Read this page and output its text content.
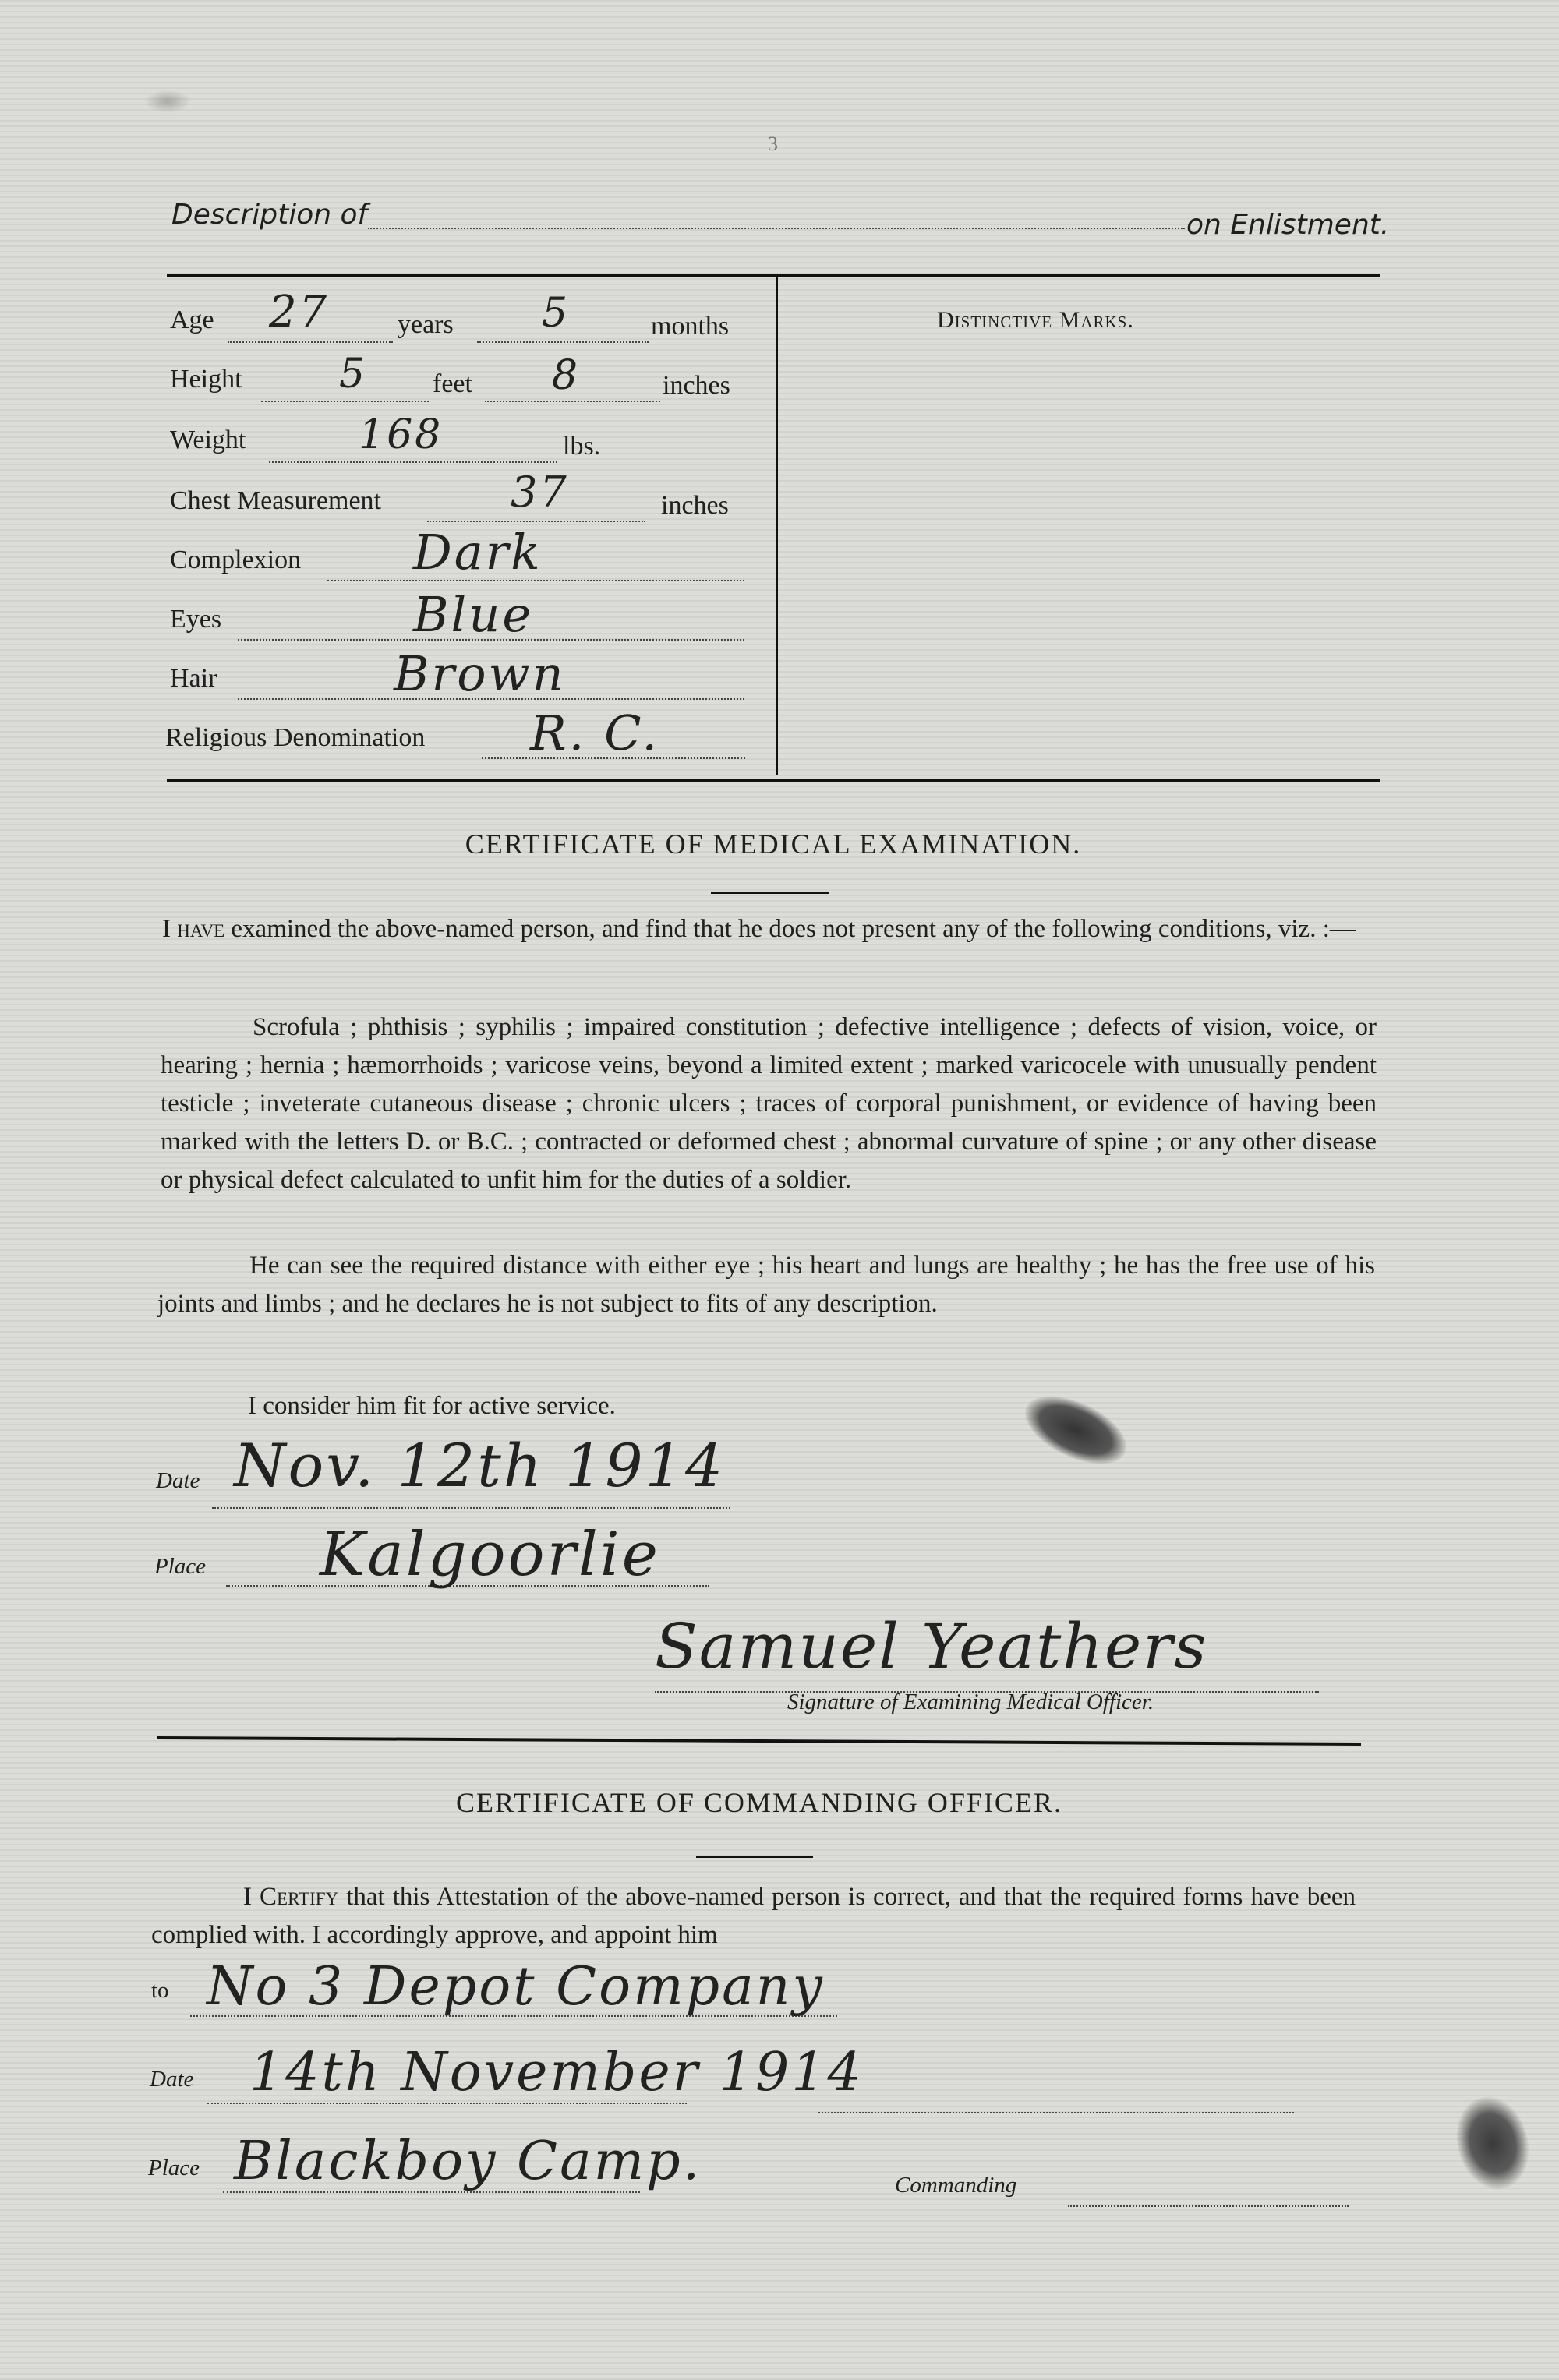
3
Description of	on Enlistment.
Age 27	years 5	months
Height 5 feet 8	inches
Weight	168	lbs.
Chest Measurement	37	inches
Complexion Dark
Eyes	Blue
Hair	Brown
Religious Denomination R. C.
Distinctive Marks.
CERTIFICATE OF MEDICAL EXAMINATION.
I have examined the above-named person, and find that he does not present any of the following conditions, viz. :—
Scrofula ; phthisis ; syphilis ; impaired constitution ; defective intelligence ; defects of vision, voice, or hearing ; hernia ; hæmorrhoids ; varicose veins, beyond a limited extent ; marked varicocele with unusually pendent testicle ; inveterate cutaneous disease ; chronic ulcers ; traces of corporal punishment, or evidence of having been marked with the letters D. or B.C. ; contracted or deformed chest ; abnormal curvature of spine ; or any other disease or physical defect calculated to unfit him for the duties of a soldier.
He can see the required distance with either eye ; his heart and lungs are healthy ; he has the free use of his joints and limbs ; and he declares he is not subject to fits of any description.
I consider him fit for active service.
Date Nov. 12th 1914
Place Kalgoorlie
Samuel Yeathers
Signature of Examining Medical Officer.
CERTIFICATE OF COMMANDING OFFICER.
I Certify that this Attestation of the above-named person is correct, and that the required forms have been complied with. I accordingly approve, and appoint him
to No 3 Depot Company
Date 14th November 1914
Place Blackboy Camp.	Commanding
